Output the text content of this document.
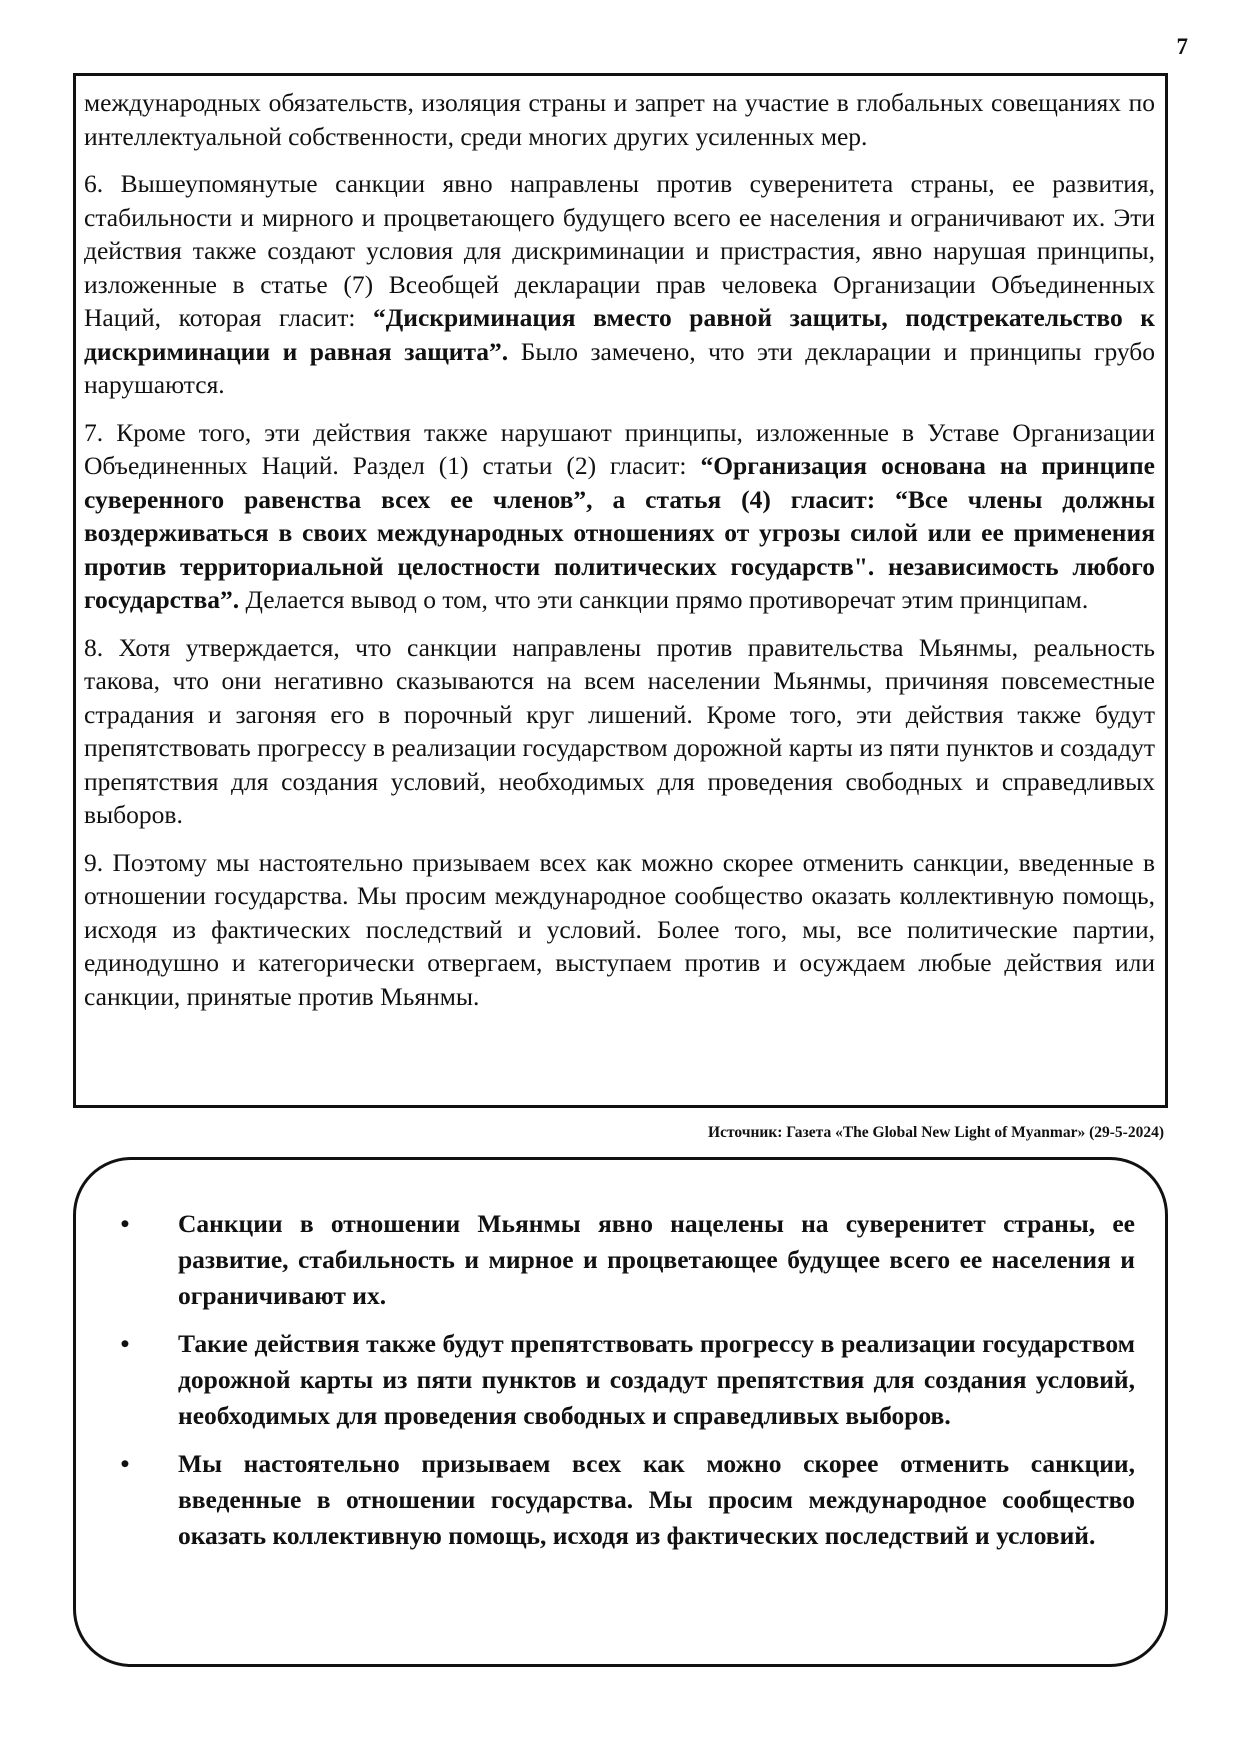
7

международных обязательств, изоляция страны и запрет на участие в глобальных совещаниях по интеллектуальной собственности, среди многих других усиленных мер.

6. Вышеупомянутые санкции явно направлены против суверенитета страны, ее развития, стабильности и мирного и процветающего будущего всего ее населения и ограничивают их. Эти действия также создают условия для дискриминации и пристрастия, явно нарушая принципы, изложенные в статье (7) Всеобщей декларации прав человека Организации Объединенных Наций, которая гласит: “Дискриминация вместо равной защиты, подстрекательство к дискриминации и равная защита”. Было замечено, что эти декларации и принципы грубо нарушаются.

7. Кроме того, эти действия также нарушают принципы, изложенные в Уставе Организации Объединенных Наций. Раздел (1) статьи (2) гласит: “Организация основана на принципе суверенного равенства всех ее членов”, а статья (4) гласит: “Все члены должны воздерживаться в своих международных отношениях от угрозы силой или ее применения против территориальной целостности политических государств". независимость любого государства”. Делается вывод о том, что эти санкции прямо противоречат этим принципам.

8. Хотя утверждается, что санкции направлены против правительства Мьянмы, реальность такова, что они негативно сказываются на всем населении Мьянмы, причиняя повсеместные страдания и загоняя его в порочный круг лишений. Кроме того, эти действия также будут препятствовать прогрессу в реализации государством дорожной карты из пяти пунктов и создадут препятствия для создания условий, необходимых для проведения свободных и справедливых выборов.

9. Поэтому мы настоятельно призываем всех как можно скорее отменить санкции, введенные в отношении государства. Мы просим международное сообщество оказать коллективную помощь, исходя из фактических последствий и условий. Более того, мы, все политические партии, единодушно и категорически отвергаем, выступаем против и осуждаем любые действия или санкции, принятые против Мьянмы.

Источник: Газета «The Global New Light of Myanmar» (29-5-2024)
•	Санкции в отношении Мьянмы явно нацелены на суверенитет страны, ее развитие, стабильность и мирное и процветающее будущее всего ее населения и ограничивают их.
•	Такие действия также будут препятствовать прогрессу в реализации государством дорожной карты из пяти пунктов и создадут препятствия для создания условий, необходимых для проведения свободных и справедливых выборов.
•	Мы настоятельно призываем всех как можно скорее отменить санкции, введенные в отношении государства. Мы просим международное сообщество оказать коллективную помощь, исходя из фактических последствий и условий.
